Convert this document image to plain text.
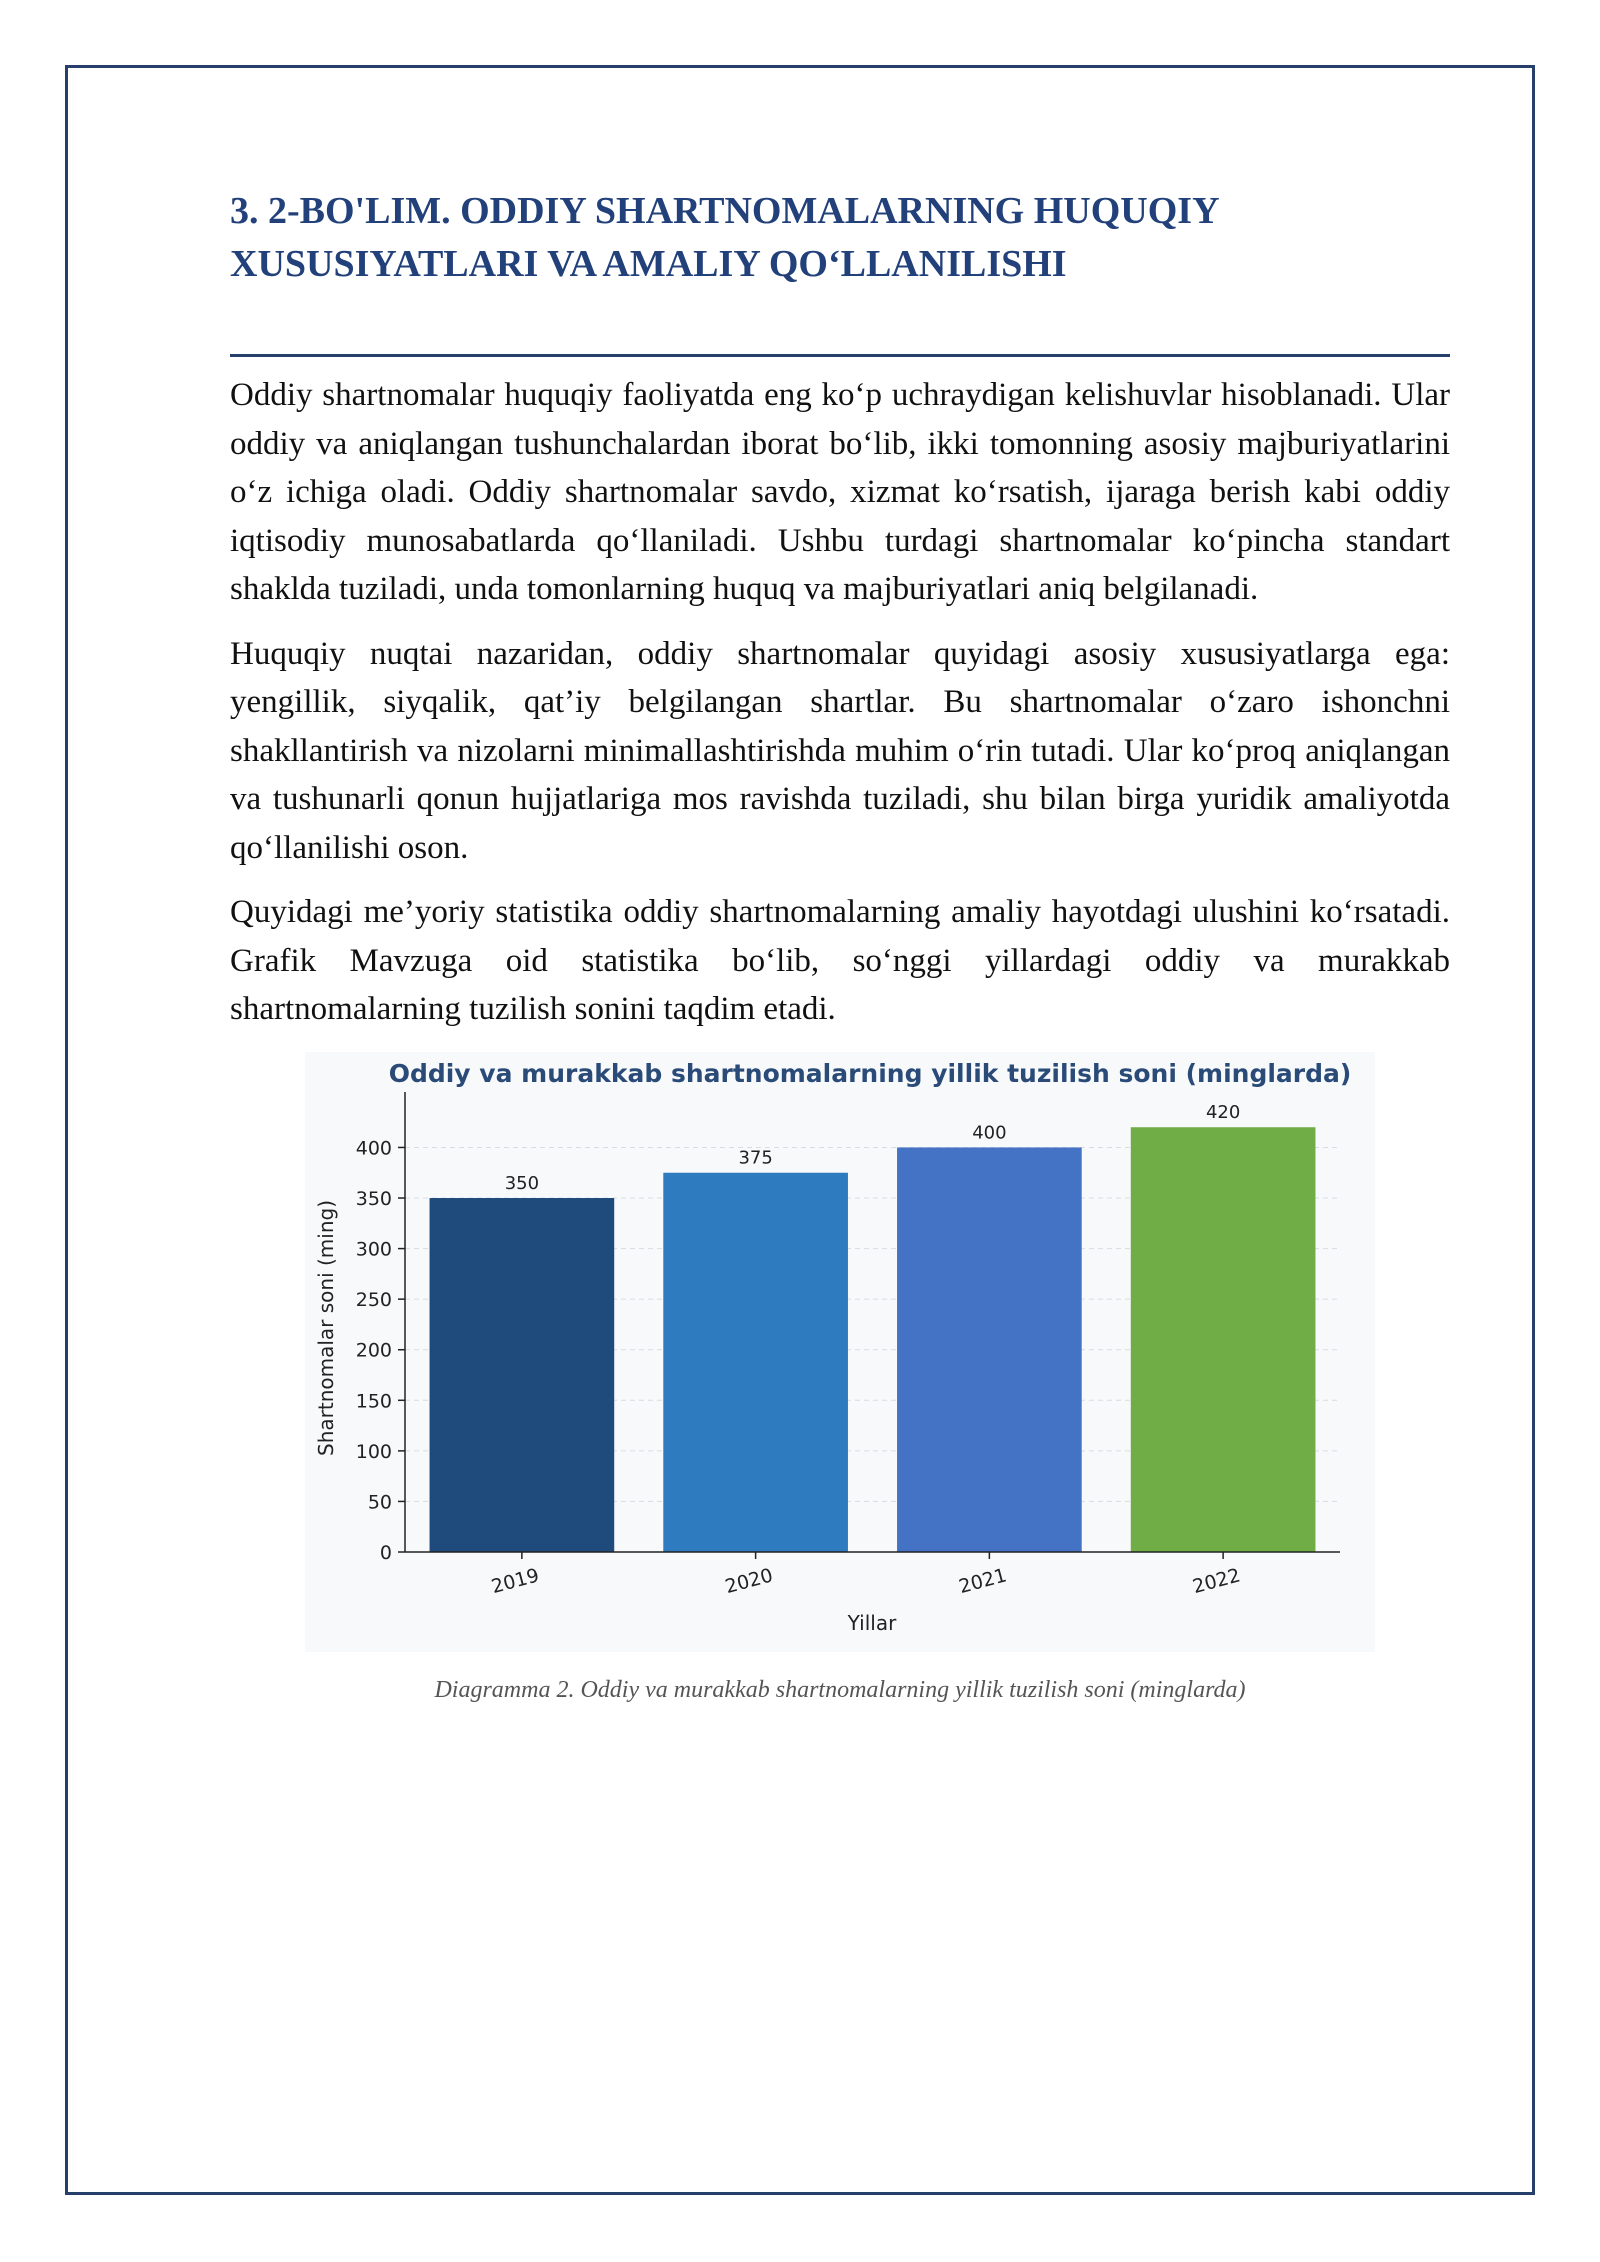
3. 2-BO'LIM. ODDIY SHARTNOMALARNING HUQUQIY
XUSUSIYATLARI VA AMALIY QO‘LLANILISHI

Oddiy shartnomalar huquqiy faoliyatda eng ko‘p uchraydigan kelishuvlar hisoblanadi. Ular oddiy va aniqlangan tushunchalardan iborat bo‘lib, ikki tomonning asosiy majburiyatlarini o‘z ichiga oladi. Oddiy shartnomalar savdo, xizmat ko‘rsatish, ijaraga berish kabi oddiy iqtisodiy munosabatlarda qo‘llaniladi. Ushbu turdagi shartnomalar ko‘pincha standart shaklda tuziladi, unda tomonlarning huquq va majburiyatlari aniq belgilanadi.

Huquqiy nuqtai nazaridan, oddiy shartnomalar quyidagi asosiy xususiyatlarga ega: yengillik, siyqalik, qat’iy belgilangan shartlar. Bu shartnomalar o‘zaro ishonchni shakllantirish va nizolarni minimallashtirishda muhim o‘rin tutadi. Ular ko‘proq aniqlangan va tushunarli qonun hujjatlariga mos ravishda tuziladi, shu bilan birga yuridik amaliyotda qo‘llanilishi oson.

Quyidagi me’yoriy statistika oddiy shartnomalarning amaliy hayotdagi ulushini ko‘rsatadi. Grafik Mavzuga oid statistika bo‘lib, so‘nggi yillardagi oddiy va murakkab shartnomalarning tuzilish sonini taqdim etadi.

Oddiy va murakkab shartnomalarning yillik tuzilish soni (minglarda)
350
375
400
420
0
50
100
150
200
250
300
350
400
2019	2020	2021	2022
Yillar
Shartnomalar soni (ming)

Diagramma 2. Oddiy va murakkab shartnomalarning yillik tuzilish soni (minglarda)
